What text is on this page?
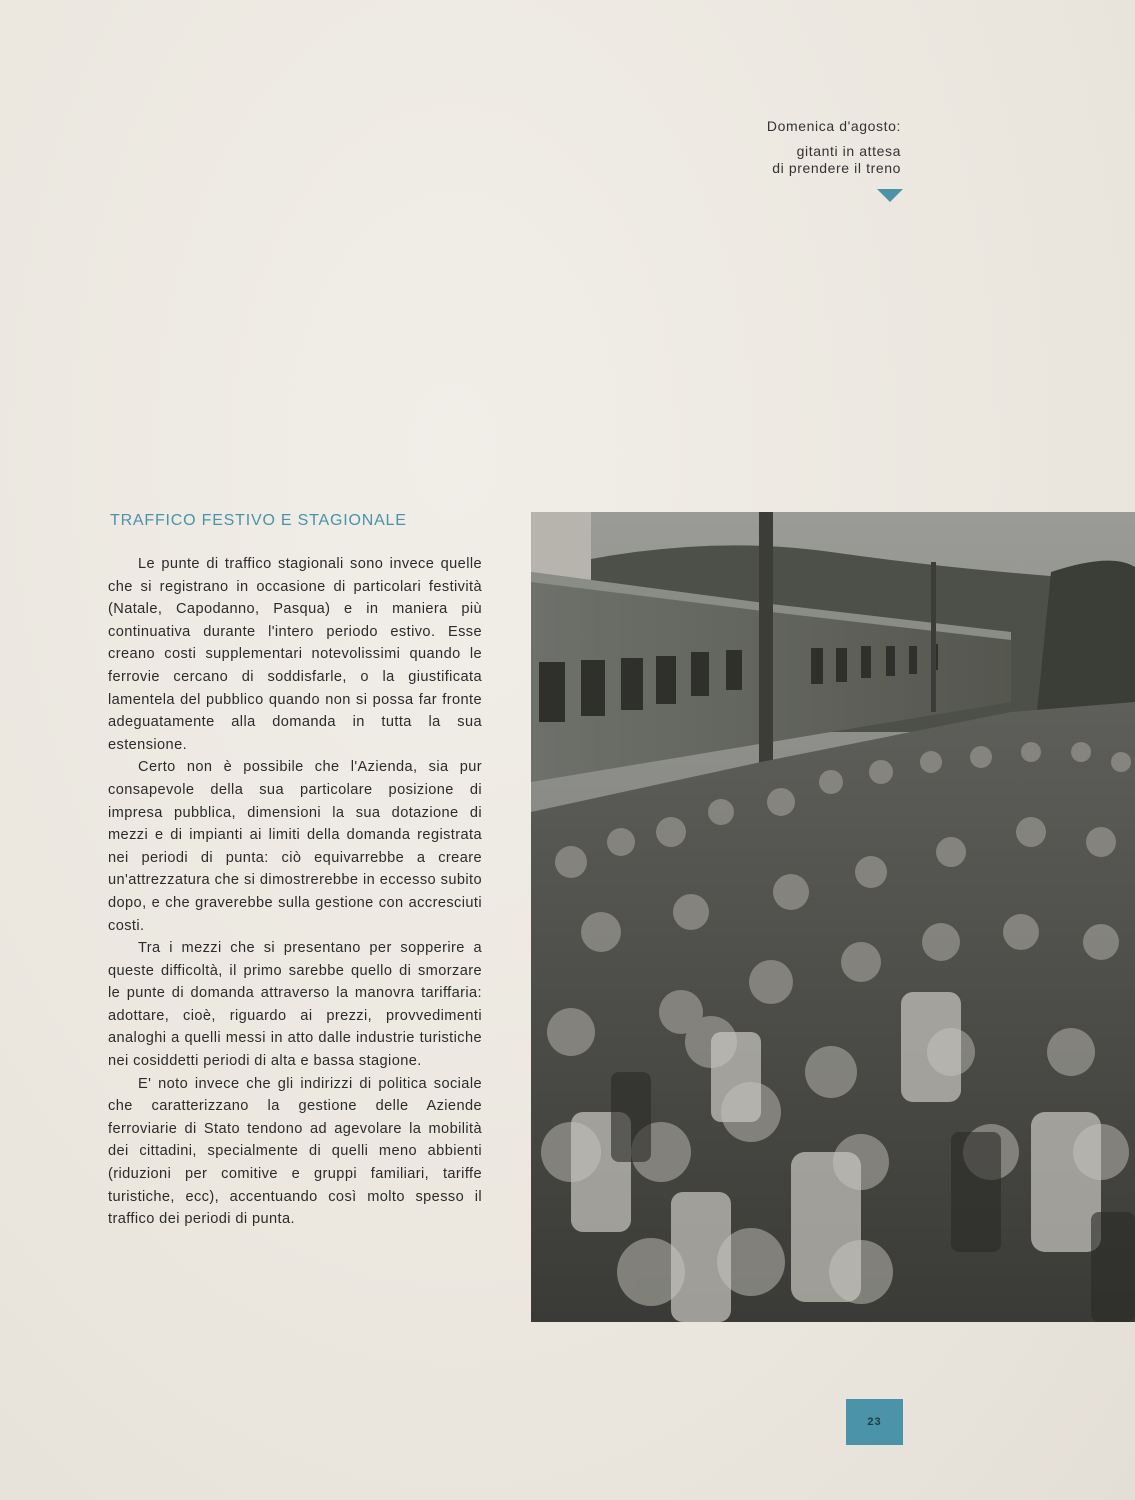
Domenica d'agosto:
gitanti in attesa
di prendere il treno
TRAFFICO FESTIVO E STAGIONALE

Le punte di traffico stagionali sono invece quelle che si registrano in occasione di particolari festività (Natale, Capodanno, Pasqua) e in maniera più continuativa durante l'intero periodo estivo. Esse creano costi supplementari notevolissimi quando le ferrovie cercano di soddisfarle, o la giustificata lamentela del pubblico quando non si possa far fronte adeguatamente alla domanda in tutta la sua estensione.

Certo non è possibile che l'Azienda, sia pur consapevole della sua particolare posizione di impresa pubblica, dimensioni la sua dotazione di mezzi e di impianti ai limiti della domanda registrata nei periodi di punta: ciò equivarrebbe a creare un'attrezzatura che si dimostrerebbe in eccesso subito dopo, e che graverebbe sulla gestione con accresciuti costi.

Tra i mezzi che si presentano per sopperire a queste difficoltà, il primo sarebbe quello di smorzare le punte di domanda attraverso la manovra tariffaria: adottare, cioè, riguardo ai prezzi, provvedimenti analoghi a quelli messi in atto dalle industrie turistiche nei cosiddetti periodi di alta e bassa stagione.

E' noto invece che gli indirizzi di politica sociale che caratterizzano la gestione delle Aziende ferroviarie di Stato tendono ad agevolare la mobilità dei cittadini, specialmente di quelli meno abbienti (riduzioni per comitive e gruppi familiari, tariffe turistiche, ecc), accentuando così molto spesso il traffico dei periodi di punta.

23
